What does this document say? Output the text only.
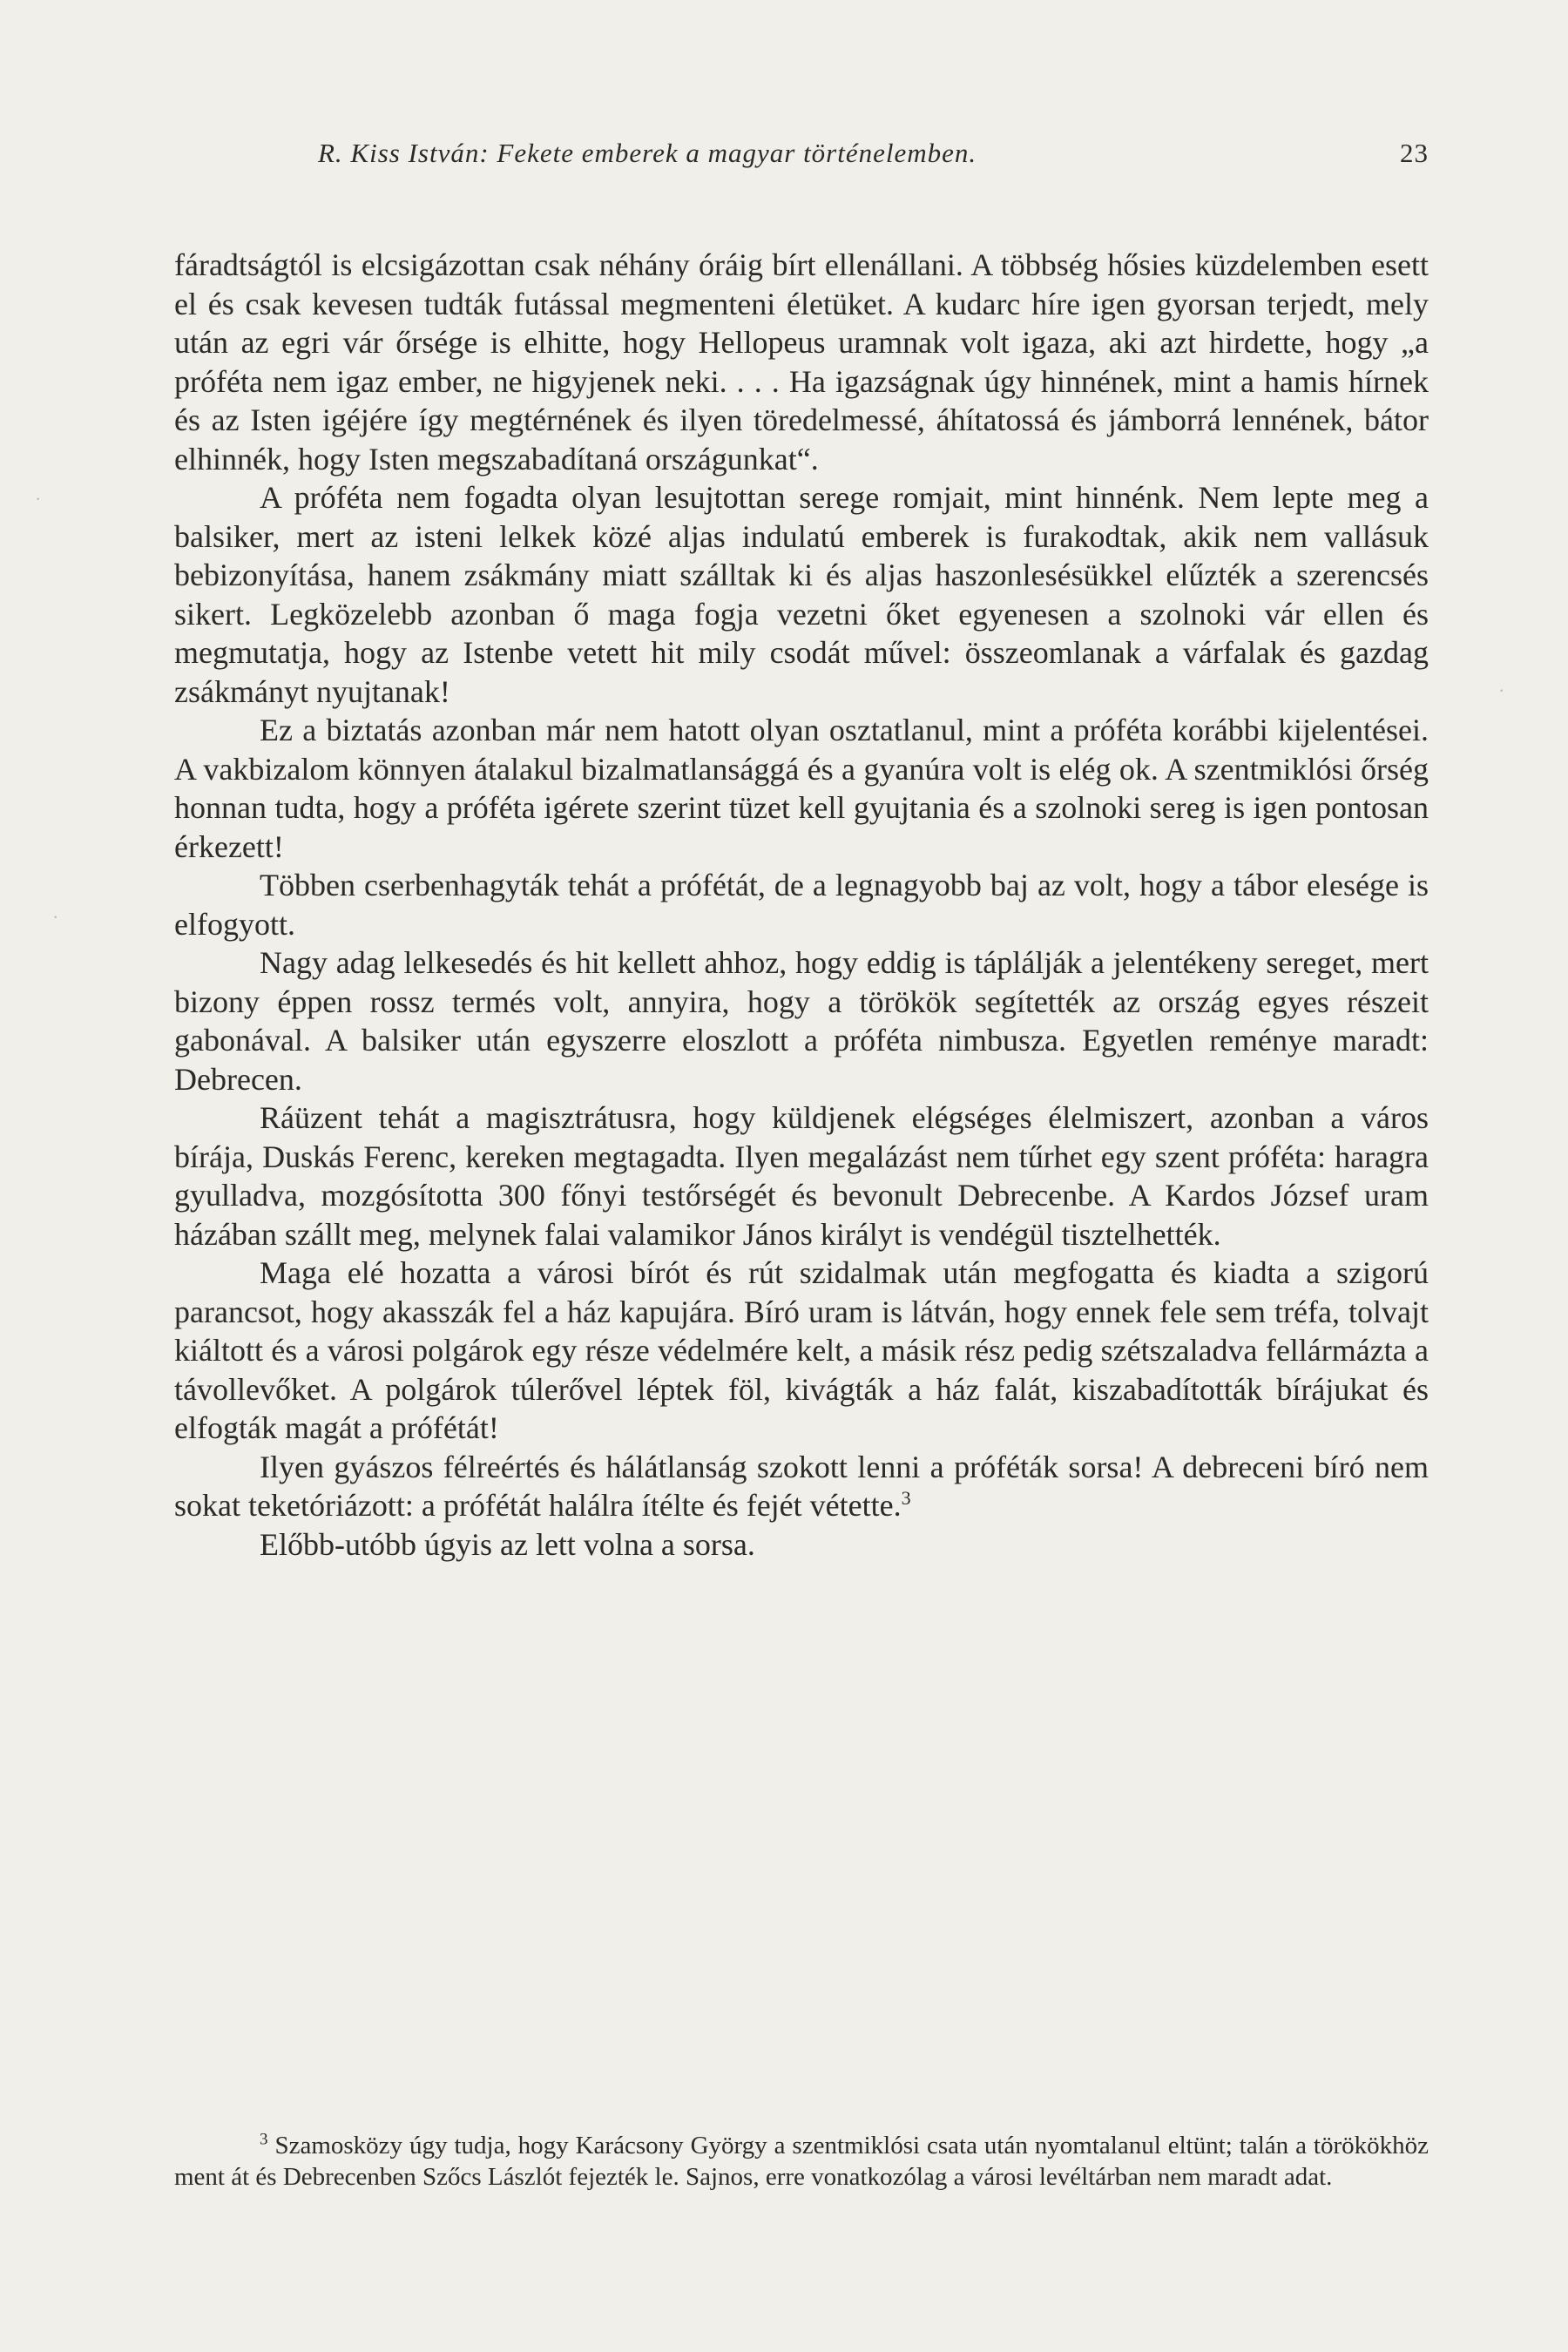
R. Kiss István: Fekete emberek a magyar történelemben.	23

fáradtságtól is elcsigázottan csak néhány óráig bírt ellenállani. A többség hősies küzdelemben esett el és csak kevesen tudták futással megmenteni életüket. A kudarc híre igen gyorsan terjedt, mely után az egri vár őrsége is elhitte, hogy Hellopeus uramnak volt igaza, aki azt hirdette, hogy „a próféta nem igaz ember, ne higyjenek neki. . . . Ha igazságnak úgy hinnének, mint a hamis hírnek és az Isten igéjére így megtérnének és ilyen töredelmessé, áhítatossá és jámborrá lennének, bátor elhinnék, hogy Isten megszabadítaná országunkat“.

A próféta nem fogadta olyan lesujtottan serege romjait, mint hinnénk. Nem lepte meg a balsiker, mert az isteni lelkek közé aljas indulatú emberek is furakodtak, akik nem vallásuk bebizonyítása, hanem zsákmány miatt szálltak ki és aljas haszonlesésükkel elűzték a szerencsés sikert. Legközelebb azonban ő maga fogja vezetni őket egyenesen a szolnoki vár ellen és megmutatja, hogy az Istenbe vetett hit mily csodát művel: összeomlanak a várfalak és gazdag zsákmányt nyujtanak!

Ez a biztatás azonban már nem hatott olyan osztatlanul, mint a próféta korábbi kijelentései. A vakbizalom könnyen átalakul bizalmatlansággá és a gyanúra volt is elég ok. A szentmiklósi őrség honnan tudta, hogy a próféta igérete szerint tüzet kell gyujtania és a szolnoki sereg is igen pontosan érkezett!

Többen cserbenhagyták tehát a prófétát, de a legnagyobb baj az volt, hogy a tábor elesége is elfogyott.

Nagy adag lelkesedés és hit kellett ahhoz, hogy eddig is táplálják a jelentékeny sereget, mert bizony éppen rossz termés volt, annyira, hogy a törökök segítették az ország egyes részeit gabonával. A balsiker után egyszerre eloszlott a próféta nimbusza. Egyetlen reménye maradt: Debrecen.

Ráüzent tehát a magisztrátusra, hogy küldjenek elégséges élelmiszert, azonban a város bírája, Duskás Ferenc, kereken megtagadta. Ilyen megalázást nem tűrhet egy szent próféta: haragra gyulladva, mozgósította 300 főnyi testőrségét és bevonult Debrecenbe. A Kardos József uram házában szállt meg, melynek falai valamikor János királyt is vendégül tisztelhették.

Maga elé hozatta a városi bírót és rút szidalmak után megfogatta és kiadta a szigorú parancsot, hogy akasszák fel a ház kapujára. Bíró uram is látván, hogy ennek fele sem tréfa, tolvajt kiáltott és a városi polgárok egy része védelmére kelt, a másik rész pedig szétszaladva fellármázta a távollevőket. A polgárok túlerővel léptek föl, kivágták a ház falát, kiszabadították bírájukat és elfogták magát a prófétát!

Ilyen gyászos félreértés és hálátlanság szokott lenni a próféták sorsa! A debreceni bíró nem sokat teketóriázott: a prófétát halálra ítélte és fejét vétette.$^3$

Előbb-utóbb úgyis az lett volna a sorsa.

$^3$ Szamosközy úgy tudja, hogy Karácsony György a szentmiklósi csata után nyomtalanul eltünt; talán a törökökhöz ment át és Debrecenben Szőcs Lászlót fejezték le. Sajnos, erre vonatkozólag a városi levéltárban nem maradt adat.

·
·
·
